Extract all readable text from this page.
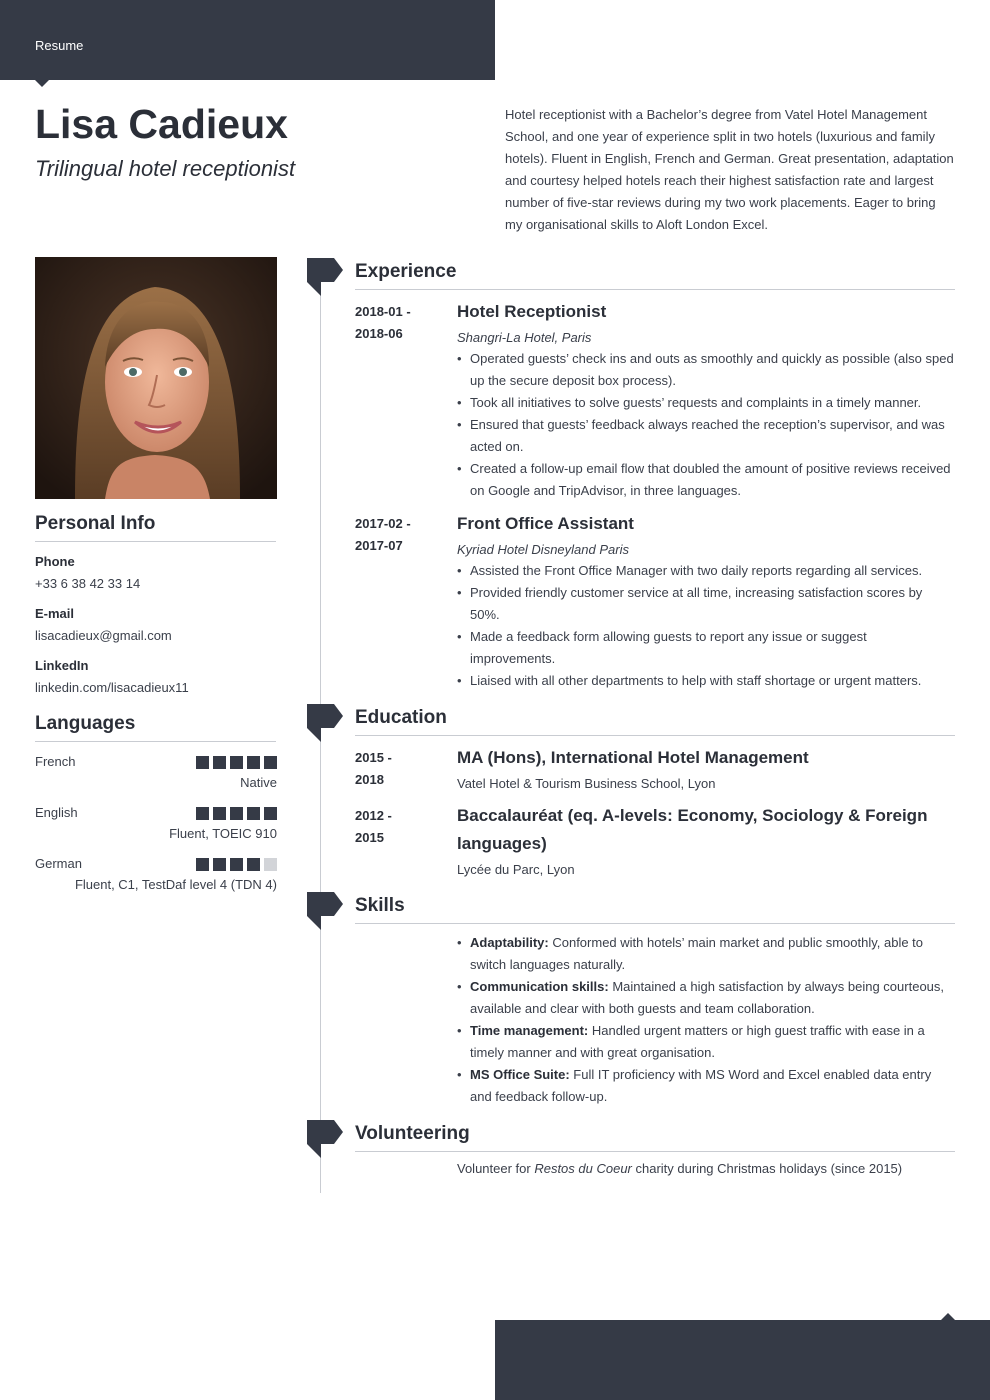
Resume
Lisa Cadieux
Trilingual hotel receptionist
Hotel receptionist with a Bachelor’s degree from Vatel Hotel Management School, and one year of experience split in two hotels (luxurious and family hotels). Fluent in English, French and German. Great presentation, adaptation and courtesy helped hotels reach their highest satisfaction rate and largest number of five-star reviews during my two work placements. Eager to bring my organisational skills to Aloft London Excel.
Personal Info
Phone
+33 6 38 42 33 14
E-mail
lisacadieux@gmail.com
LinkedIn
linkedin.com/lisacadieux11
Languages
French
Native
English
Fluent, TOEIC 910
German
Fluent, C1, TestDaf level 4 (TDN 4)
Experience
2018-01 -
2018-06
Hotel Receptionist
Shangri-La Hotel, Paris
• Operated guests’ check ins and outs as smoothly and quickly as possible (also sped up the secure deposit box process).
• Took all initiatives to solve guests’ requests and complaints in a timely manner.
• Ensured that guests’ feedback always reached the reception’s supervisor, and was acted on.
• Created a follow-up email flow that doubled the amount of positive reviews received on Google and TripAdvisor, in three languages.
2017-02 -
2017-07
Front Office Assistant
Kyriad Hotel Disneyland Paris
• Assisted the Front Office Manager with two daily reports regarding all services.
• Provided friendly customer service at all time, increasing satisfaction scores by 50%.
• Made a feedback form allowing guests to report any issue or suggest improvements.
• Liaised with all other departments to help with staff shortage or urgent matters.
Education
2015 -
2018
MA (Hons), International Hotel Management
Vatel Hotel & Tourism Business School, Lyon
2012 -
2015
Baccalauréat (eq. A-levels: Economy, Sociology & Foreign languages)
Lycée du Parc, Lyon
Skills
• Adaptability: Conformed with hotels’ main market and public smoothly, able to switch languages naturally.
• Communication skills: Maintained a high satisfaction by always being courteous, available and clear with both guests and team collaboration.
• Time management: Handled urgent matters or high guest traffic with ease in a timely manner and with great organisation.
• MS Office Suite: Full IT proficiency with MS Word and Excel enabled data entry and feedback follow-up.
Volunteering
Volunteer for Restos du Coeur charity during Christmas holidays (since 2015)
